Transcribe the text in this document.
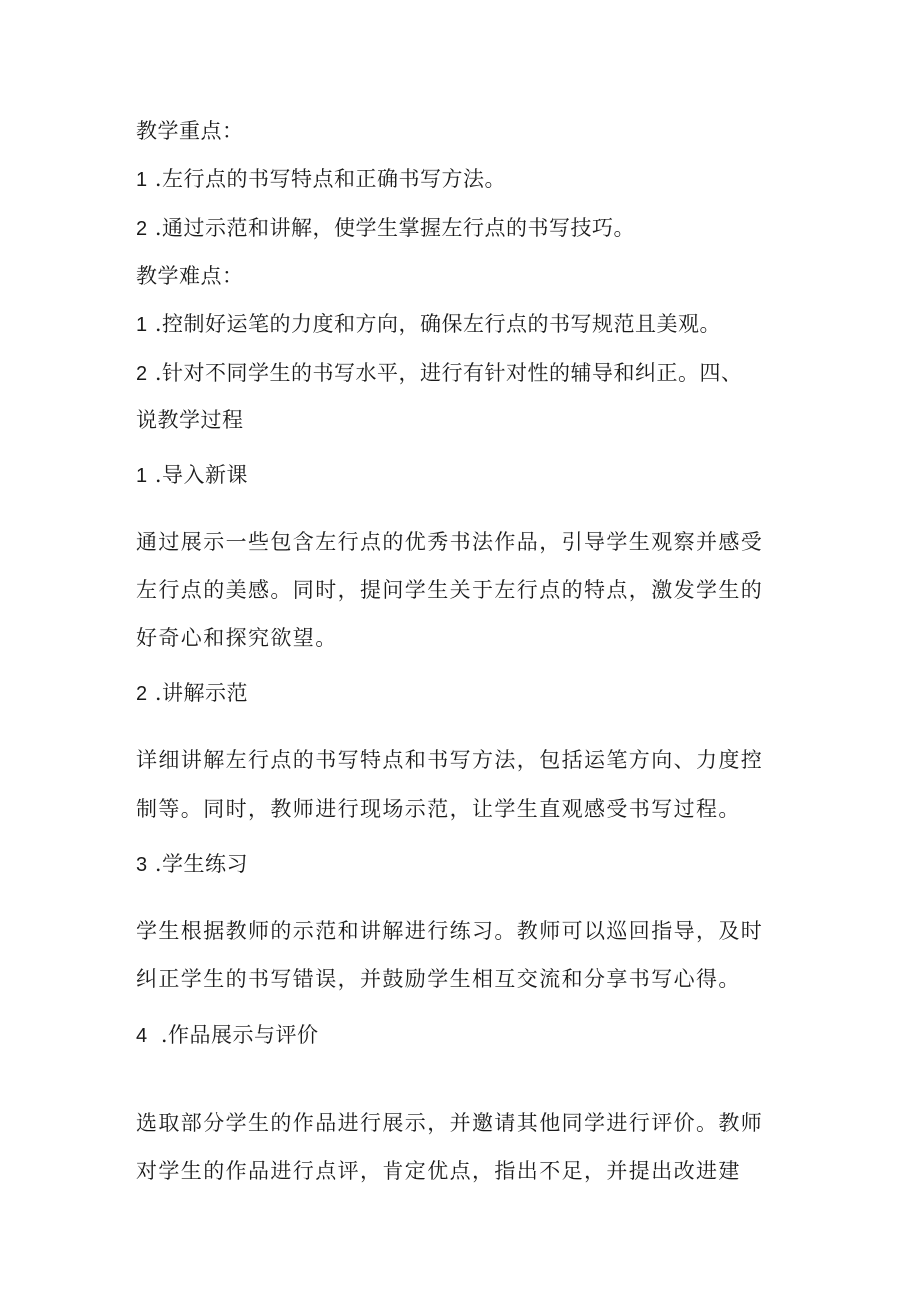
教学重点：
1 .左行点的书写特点和正确书写方法。
2 .通过示范和讲解，使学生掌握左行点的书写技巧。
教学难点：
1 .控制好运笔的力度和方向，确保左行点的书写规范且美观。
2 .针对不同学生的书写水平，进行有针对性的辅导和纠正。四、
说教学过程
1 .导入新课
通过展示一些包含左行点的优秀书法作品，引导学生观察并感受
左行点的美感。同时，提问学生关于左行点的特点，激发学生的
好奇心和探究欲望。
2 .讲解示范
详细讲解左行点的书写特点和书写方法，包括运笔方向、力度控
制等。同时，教师进行现场示范，让学生直观感受书写过程。
3 .学生练习
学生根据教师的示范和讲解进行练习。教师可以巡回指导，及时
纠正学生的书写错误，并鼓励学生相互交流和分享书写心得。
4 .作品展示与评价
选取部分学生的作品进行展示，并邀请其他同学进行评价。教师
对学生的作品进行点评，肯定优点，指出不足，并提出改进建
